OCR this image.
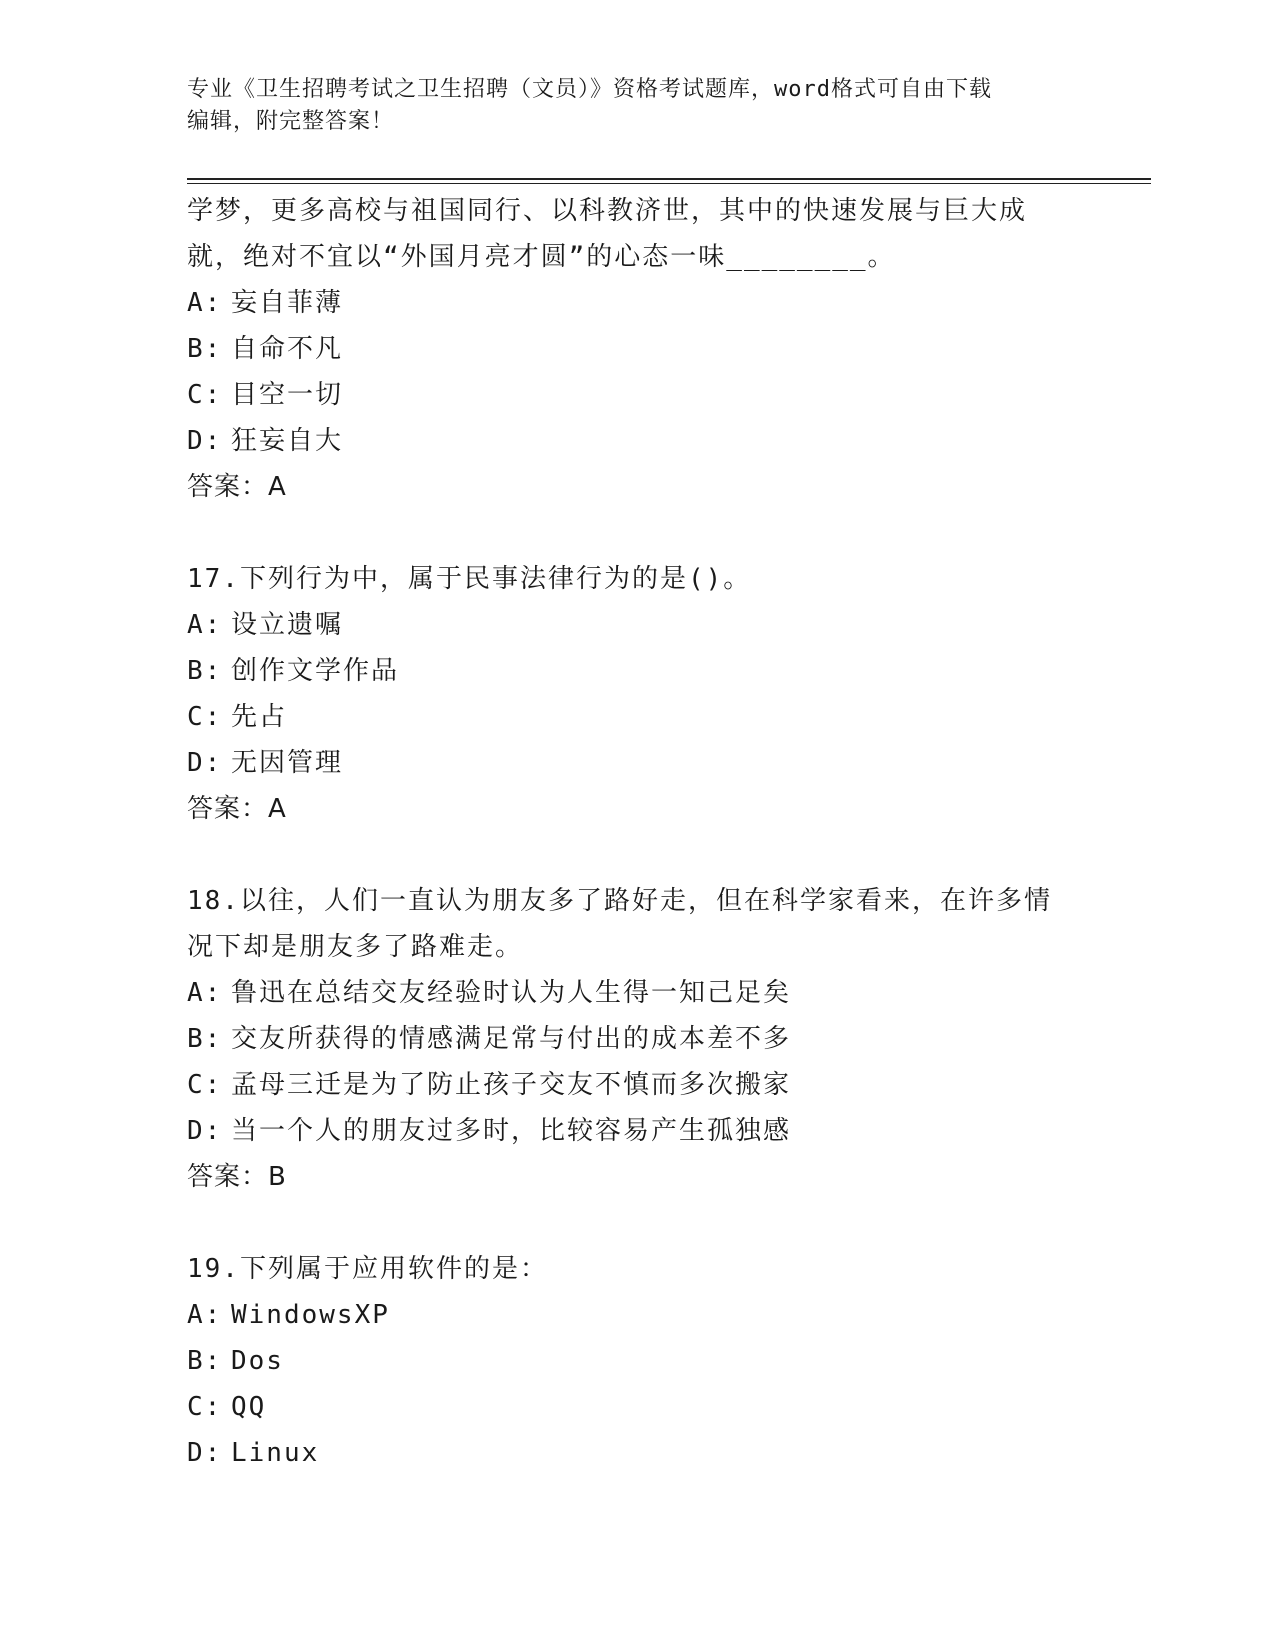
专业《卫生招聘考试之卫生招聘（文员）》资格考试题库，word格式可自由下载
编辑，附完整答案！
学梦，更多高校与祖国同行、以科教济世，其中的快速发展与巨大成
就，绝对不宜以“外国月亮才圆”的心态一味________。
A: 妄自菲薄
B: 自命不凡
C: 目空一切
D: 狂妄自大
答案：A
17.下列行为中，属于民事法律行为的是()。
A: 设立遗嘱
B: 创作文学作品
C: 先占
D: 无因管理
答案：A
18.以往，人们一直认为朋友多了路好走，但在科学家看来，在许多情
况下却是朋友多了路难走。
A: 鲁迅在总结交友经验时认为人生得一知己足矣
B: 交友所获得的情感满足常与付出的成本差不多
C: 孟母三迁是为了防止孩子交友不慎而多次搬家
D: 当一个人的朋友过多时，比较容易产生孤独感
答案：B
19.下列属于应用软件的是：
A: WindowsXP
B: Dos
C: QQ
D: Linux
